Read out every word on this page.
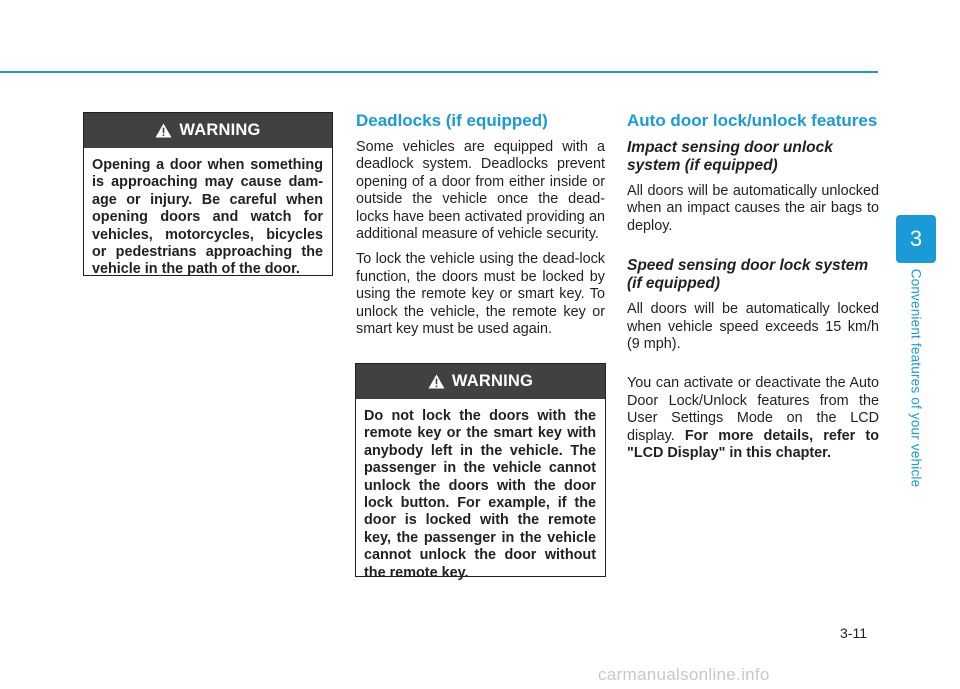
WARNING
Opening a door when something is approaching may cause dam-age or injury. Be careful when opening doors and watch for vehicles, motorcycles, bicycles or pedestrians approaching the vehicle in the path of the door.
Deadlocks (if equipped)

Some vehicles are equipped with a deadlock system. Deadlocks prevent opening of a door from either inside or outside the vehicle once the dead-locks have been activated providing an additional measure of vehicle security.

To lock the vehicle using the dead-lock function, the doors must be locked by using the remote key or smart key. To unlock the vehicle, the remote key or smart key must be used again.

WARNING
Do not lock the doors with the remote key or the smart key with anybody left in the vehicle. The passenger in the vehicle cannot unlock the doors with the door lock button. For example, if the door is locked with the remote key, the passenger in the vehicle cannot unlock the door without the remote key.
Auto door lock/unlock features
Impact sensing door unlock system (if equipped)

All doors will be automatically unlocked when an impact causes the air bags to deploy.

Speed sensing door lock system (if equipped)

All doors will be automatically locked when vehicle speed exceeds 15 km/h (9 mph).

You can activate or deactivate the Auto Door Lock/Unlock features from the User Settings Mode on the LCD display. For more details, refer to "LCD Display" in this chapter.

3
Convenient features of your vehicle
3-11
carmanualsonline.info
